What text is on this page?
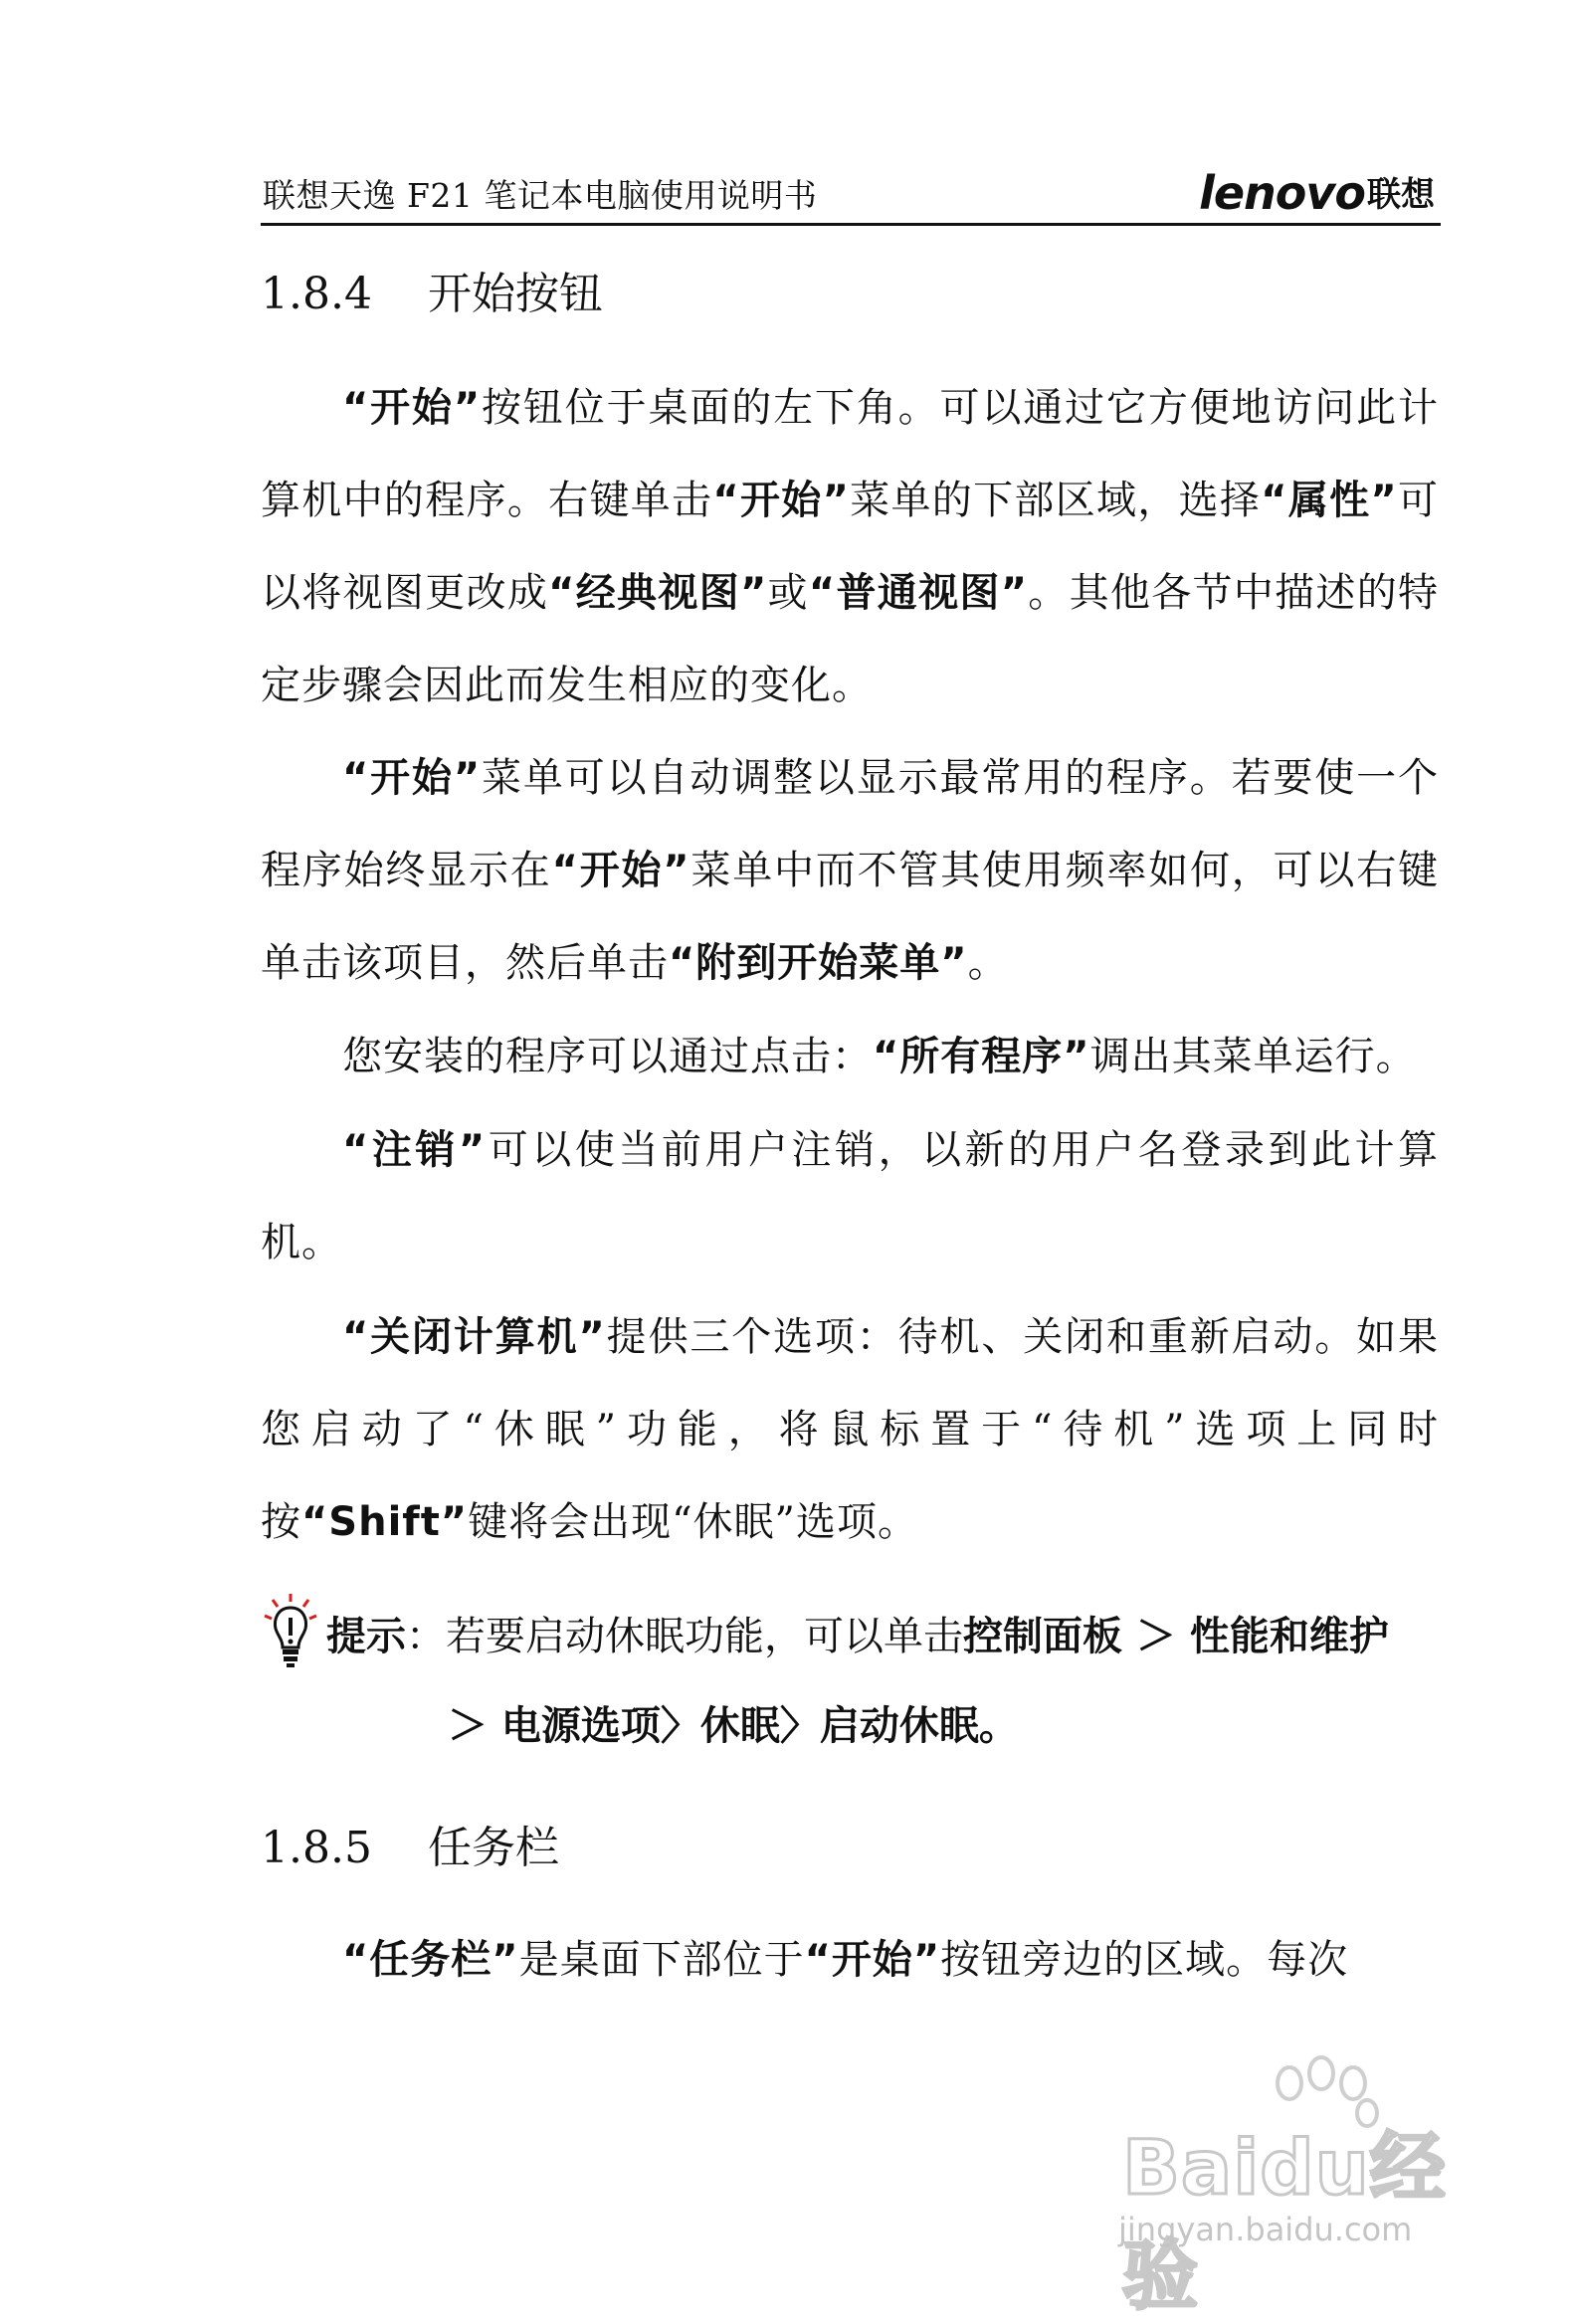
联想天逸 F21 笔记本电脑使用说明书	lenovo 联想
1.8.4 开始按钮

“开始”按钮位于桌面的左下角。可以通过它方便地访问此计算机中的程序。右键单击“开始”菜单的下部区域，选择“属性”可以将视图更改成“经典视图”或“普通视图”。其他各节中描述的特定步骤会因此而发生相应的变化。

“开始”菜单可以自动调整以显示最常用的程序。若要使一个程序始终显示在“开始”菜单中而不管其使用频率如何，可以右键单击该项目，然后单击“附到开始菜单”。

您安装的程序可以通过点击：“所有程序”调出其菜单运行。

“注销”可以使当前用户注销，以新的用户名登录到此计算机。

“关闭计算机”提供三个选项：待机、关闭和重新启动。如果您启动了“休眠”功能，将鼠标置于“待机”选项上同时按“Shift”键将会出现“休眠”选项。

提示：若要启动休眠功能，可以单击控制面板 ＞ 性能和维护
＞ 电源选项〉休眠〉启动休眠。
1.8.5 任务栏

“任务栏”是桌面下部位于“开始”按钮旁边的区域。每次

Baidu经验
jingyan.baidu.com
